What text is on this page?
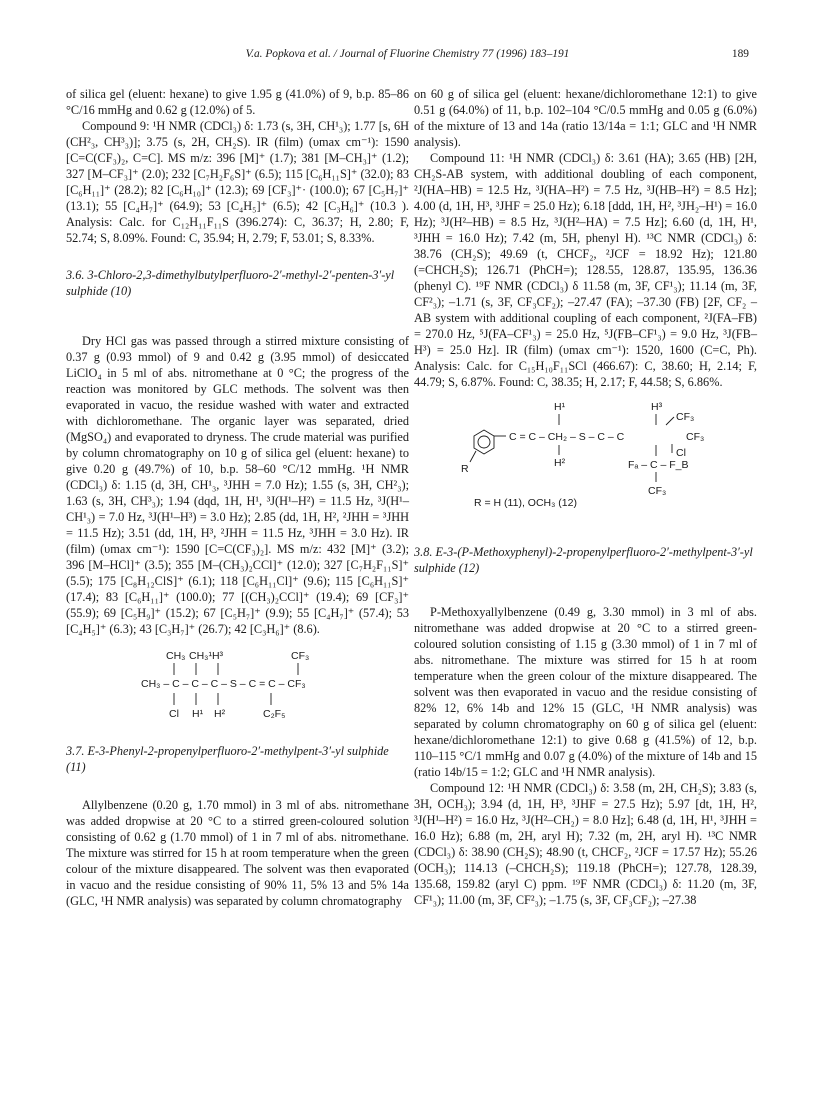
V.a. Popkova et al. / Journal of Fluorine Chemistry 77 (1996) 183–191	189

of silica gel (eluent: hexane) to give 1.95 g (41.0%) of 9, b.p. 85–86 °C/16 mmHg and 0.62 g (12.0%) of 5.

Compound 9: ¹H NMR (CDCl₃) δ: 1.73 (s, 3H, CH¹₃); 1.77 [s, 6H (CH²₃, CH³₃)]; 3.75 (s, 2H, CH₂S). IR (film) (υmax cm⁻¹): 1590 [C=C(CF₃)₂, C=C]. MS m/z: 396 [M]⁺ (1.7); 381 [M–CH₃]⁺ (1.2); 327 [M–CF₃]⁺ (2.0); 232 [C₇H₂F₆S]⁺ (6.5); 115 [C₆H₁₁S]⁺ (32.0); 83 [C₆H₁₁]⁺ (28.2); 82 [C₆H₁₀]⁺ (12.3); 69 [CF₃]⁺· (100.0); 67 [C₅H₇]⁺ (13.1); 55 [C₄H₇]⁺ (64.9); 53 [C₄H₅]⁺ (6.5); 42 [C₃H₆]⁺ (10.3 ). Analysis: Calc. for C₁₂H₁₁F₁₁S (396.274): C, 36.37; H, 2.80; F, 52.74; S, 8.09%. Found: C, 35.94; H, 2.79; F, 53.01; S, 8.33%.

3.6. 3-Chloro-2,3-dimethylbutylperfluoro-2′-methyl-2′-penten-3′-yl sulphide (10)

Dry HCl gas was passed through a stirred mixture consisting of 0.37 g (0.93 mmol) of 9 and 0.42 g (3.95 mmol) of desiccated LiClO₄ in 5 ml of abs. nitromethane at 0 °C; the progress of the reaction was monitored by GLC methods. The solvent was then evaporated in vacuo, the residue washed with water and extracted with dichloromethane. The organic layer was separated, dried (MgSO₄) and evaporated to dryness. The crude material was purified by column chromatography on 10 g of silica gel (eluent: hexane) to give 0.20 g (49.7%) of 10, b.p. 58–60 °C/12 mmHg. ¹H NMR (CDCl₃) δ: 1.15 (d, 3H, CH¹₃, ³JHH = 7.0 Hz); 1.55 (s, 3H, CH²₃); 1.63 (s, 3H, CH³₃); 1.94 (dqd, 1H, H¹, ³J(H¹–H²) = 11.5 Hz, ³J(H¹–CH¹₃) = 7.0 Hz, ³J(H¹–H³) = 3.0 Hz); 2.85 (dd, 1H, H², ²JHH = ³JHH = 11.5 Hz); 3.51 (dd, 1H, H³, ²JHH = 11.5 Hz, ³JHH = 3.0 Hz). IR (film) (υmax cm⁻¹): 1590 [C=C(CF₃)₂]. MS m/z: 432 [M]⁺ (3.2); 396 [M–HCl]⁺ (3.5); 355 [M–(CH₃)₂CCl]⁺ (12.0); 327 [C₇H₂F₁₁S]⁺ (5.5); 175 [C₈H₁₂ClS]⁺ (6.1); 118 [C₆H₁₁Cl]⁺ (9.6); 115 [C₆H₁₁S]⁺ (17.4); 83 [C₆H₁₁]⁺ (100.0); 77 [(CH₃)₂CCl]⁺ (19.4); 69 [CF₃]⁺ (55.9); 69 [C₅H₉]⁺ (15.2); 67 [C₅H₇]⁺ (9.9); 55 [C₄H₇]⁺ (57.4); 53 [C₄H₅]⁺ (6.3); 43 [C₃H₇]⁺ (26.7); 42 [C₃H₆]⁺ (8.6).

CH₃ CH₃¹H³	CF₃
CH₃ – C – C – C – S – C = C – CF₃
Cl H¹ H²	C₂F₅
3.7. E-3-Phenyl-2-propenylperfluoro-2′-methylpent-3′-yl sulphide (11)

Allylbenzene (0.20 g, 1.70 mmol) in 3 ml of abs. nitromethane was added dropwise at 20 °C to a stirred green-coloured solution consisting of 0.62 g (1.70 mmol) of 1 in 7 ml of abs. nitromethane. The mixture was stirred for 15 h at room temperature when the green colour of the mixture disappeared. The solvent was then evaporated in vacuo and the residue consisting of 90% 11, 5% 13 and 5% 14a (GLC, ¹H NMR analysis) was separated by column chromatography

on 60 g of silica gel (eluent: hexane/dichloromethane 12:1) to give 0.51 g (64.0%) of 11, b.p. 102–104 °C/0.5 mmHg and 0.05 g (6.0%) of the mixture of 13 and 14a (ratio 13/14a = 1:1; GLC and ¹H NMR analysis).

Compound 11: ¹H NMR (CDCl₃) δ: 3.61 (HA); 3.65 (HB) [2H, CH₂S-AB system, with additional doubling of each component, ²J(HA–HB) = 12.5 Hz, ³J(HA–H²) = 7.5 Hz, ³J(HB–H²) = 8.5 Hz]; 4.00 (d, 1H, H³, ³JHF = 25.0 Hz); 6.18 [ddd, 1H, H², ³JH₂–H¹) = 16.0 Hz); ³J(H²–HB) = 8.5 Hz, ³J(H²–HA) = 7.5 Hz]; 6.60 (d, 1H, H¹, ³JHH = 16.0 Hz); 7.42 (m, 5H, phenyl H). ¹³C NMR (CDCl₃) δ: 38.76 (CH₂S); 49.69 (t, CHCF₂, ²JCF = 18.92 Hz); 121.80 (=CHCH₂S); 126.71 (PhCH=); 128.55, 128.87, 135.95, 136.36 (phenyl C). ¹⁹F NMR (CDCl₃) δ 11.58 (m, 3F, CF¹₃); 11.14 (m, 3F, CF²₃); –1.71 (s, 3F, CF₃CF₂); –27.47 (FA); –37.30 (FB) [2F, CF₂ – AB system with additional coupling of each component, ²J(FA–FB) = 270.0 Hz, ⁵J(FA–CF¹₃) = 25.0 Hz, ⁵J(FB–CF¹₃) = 9.0 Hz, ³J(FB–H³) = 25.0 Hz]. IR (film) (υmax cm⁻¹): 1520, 1600 (C=C, Ph). Analysis: Calc. for C₁₅H₁₀F₁₁SCl (466.67): C, 38.60; H, 2.14; F, 44.79; S, 6.87%. Found: C, 38.35; H, 2.17; F, 44.58; S, 6.86%.

H¹	H³
CF₃
C = C – CH₂ – S – C – C	CF₃
Cl
R	H²	Fₐ – C – F_B
CF₃
R = H (11), OCH₃ (12)
3.8. E-3-(P-Methoxyphenyl)-2-propenylperfluoro-2′-methylpent-3′-yl sulphide (12)

P-Methoxyallylbenzene (0.49 g, 3.30 mmol) in 3 ml of abs. nitromethane was added dropwise at 20 °C to a stirred green-coloured solution consisting of 1.15 g (3.30 mmol) of 1 in 7 ml of abs. nitromethane. The mixture was stirred for 15 h at room temperature when the green colour of the mixture disappeared. The solvent was then evaporated in vacuo and the residue consisting of 82% 12, 6% 14b and 12% 15 (GLC, ¹H NMR analysis) was separated by column chromatography on 60 g of silica gel (eluent: hexane/dichloromethane 12:1) to give 0.68 g (41.5%) of 12, b.p. 110–115 °C/1 mmHg and 0.07 g (4.0%) of the mixture of 14b and 15 (ratio 14b/15 = 1:2; GLC and ¹H NMR analysis).

Compound 12: ¹H NMR (CDCl₃) δ: 3.58 (m, 2H, CH₂S); 3.83 (s, 3H, OCH₃); 3.94 (d, 1H, H³, ³JHF = 27.5 Hz); 5.97 [dt, 1H, H², ³J(H¹–H²) = 16.0 Hz, ³J(H²–CH₂) = 8.0 Hz]; 6.48 (d, 1H, H¹, ³JHH = 16.0 Hz); 6.88 (m, 2H, aryl H); 7.32 (m, 2H, aryl H). ¹³C NMR (CDCl₃) δ: 38.90 (CH₂S); 48.90 (t, CHCF₂, ²JCF = 17.57 Hz); 55.26 (OCH₃); 114.13 (–CHCH₂S); 119.18 (PhCH=); 127.78, 128.39, 135.68, 159.82 (aryl C) ppm. ¹⁹F NMR (CDCl₃) δ: 11.20 (m, 3F, CF¹₃); 11.00 (m, 3F, CF²₃); –1.75 (s, 3F, CF₃CF₂); –27.38
